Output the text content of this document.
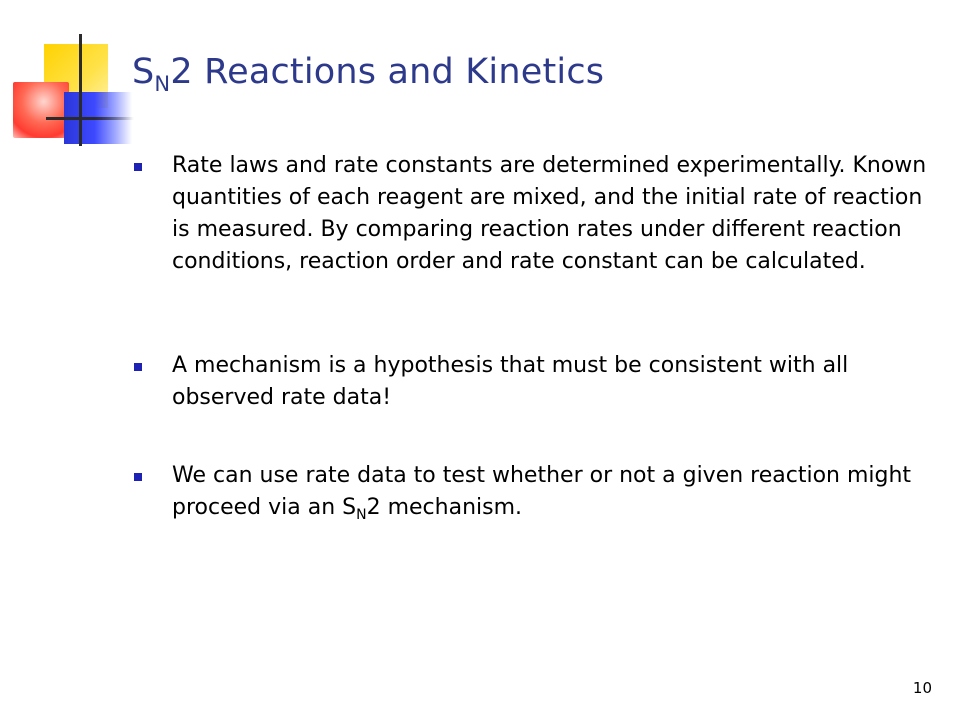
$S_N2$ Reactions and Kinetics
Rate laws and rate constants are determined experimentally. Known quantities of each reagent are mixed, and the initial rate of reaction is measured. By comparing reaction rates under different reaction conditions, reaction order and rate constant can be calculated.
A mechanism is a hypothesis that must be consistent with all observed rate data!
We can use rate data to test whether or not a given reaction might proceed via an $S_N2$ mechanism.
10
